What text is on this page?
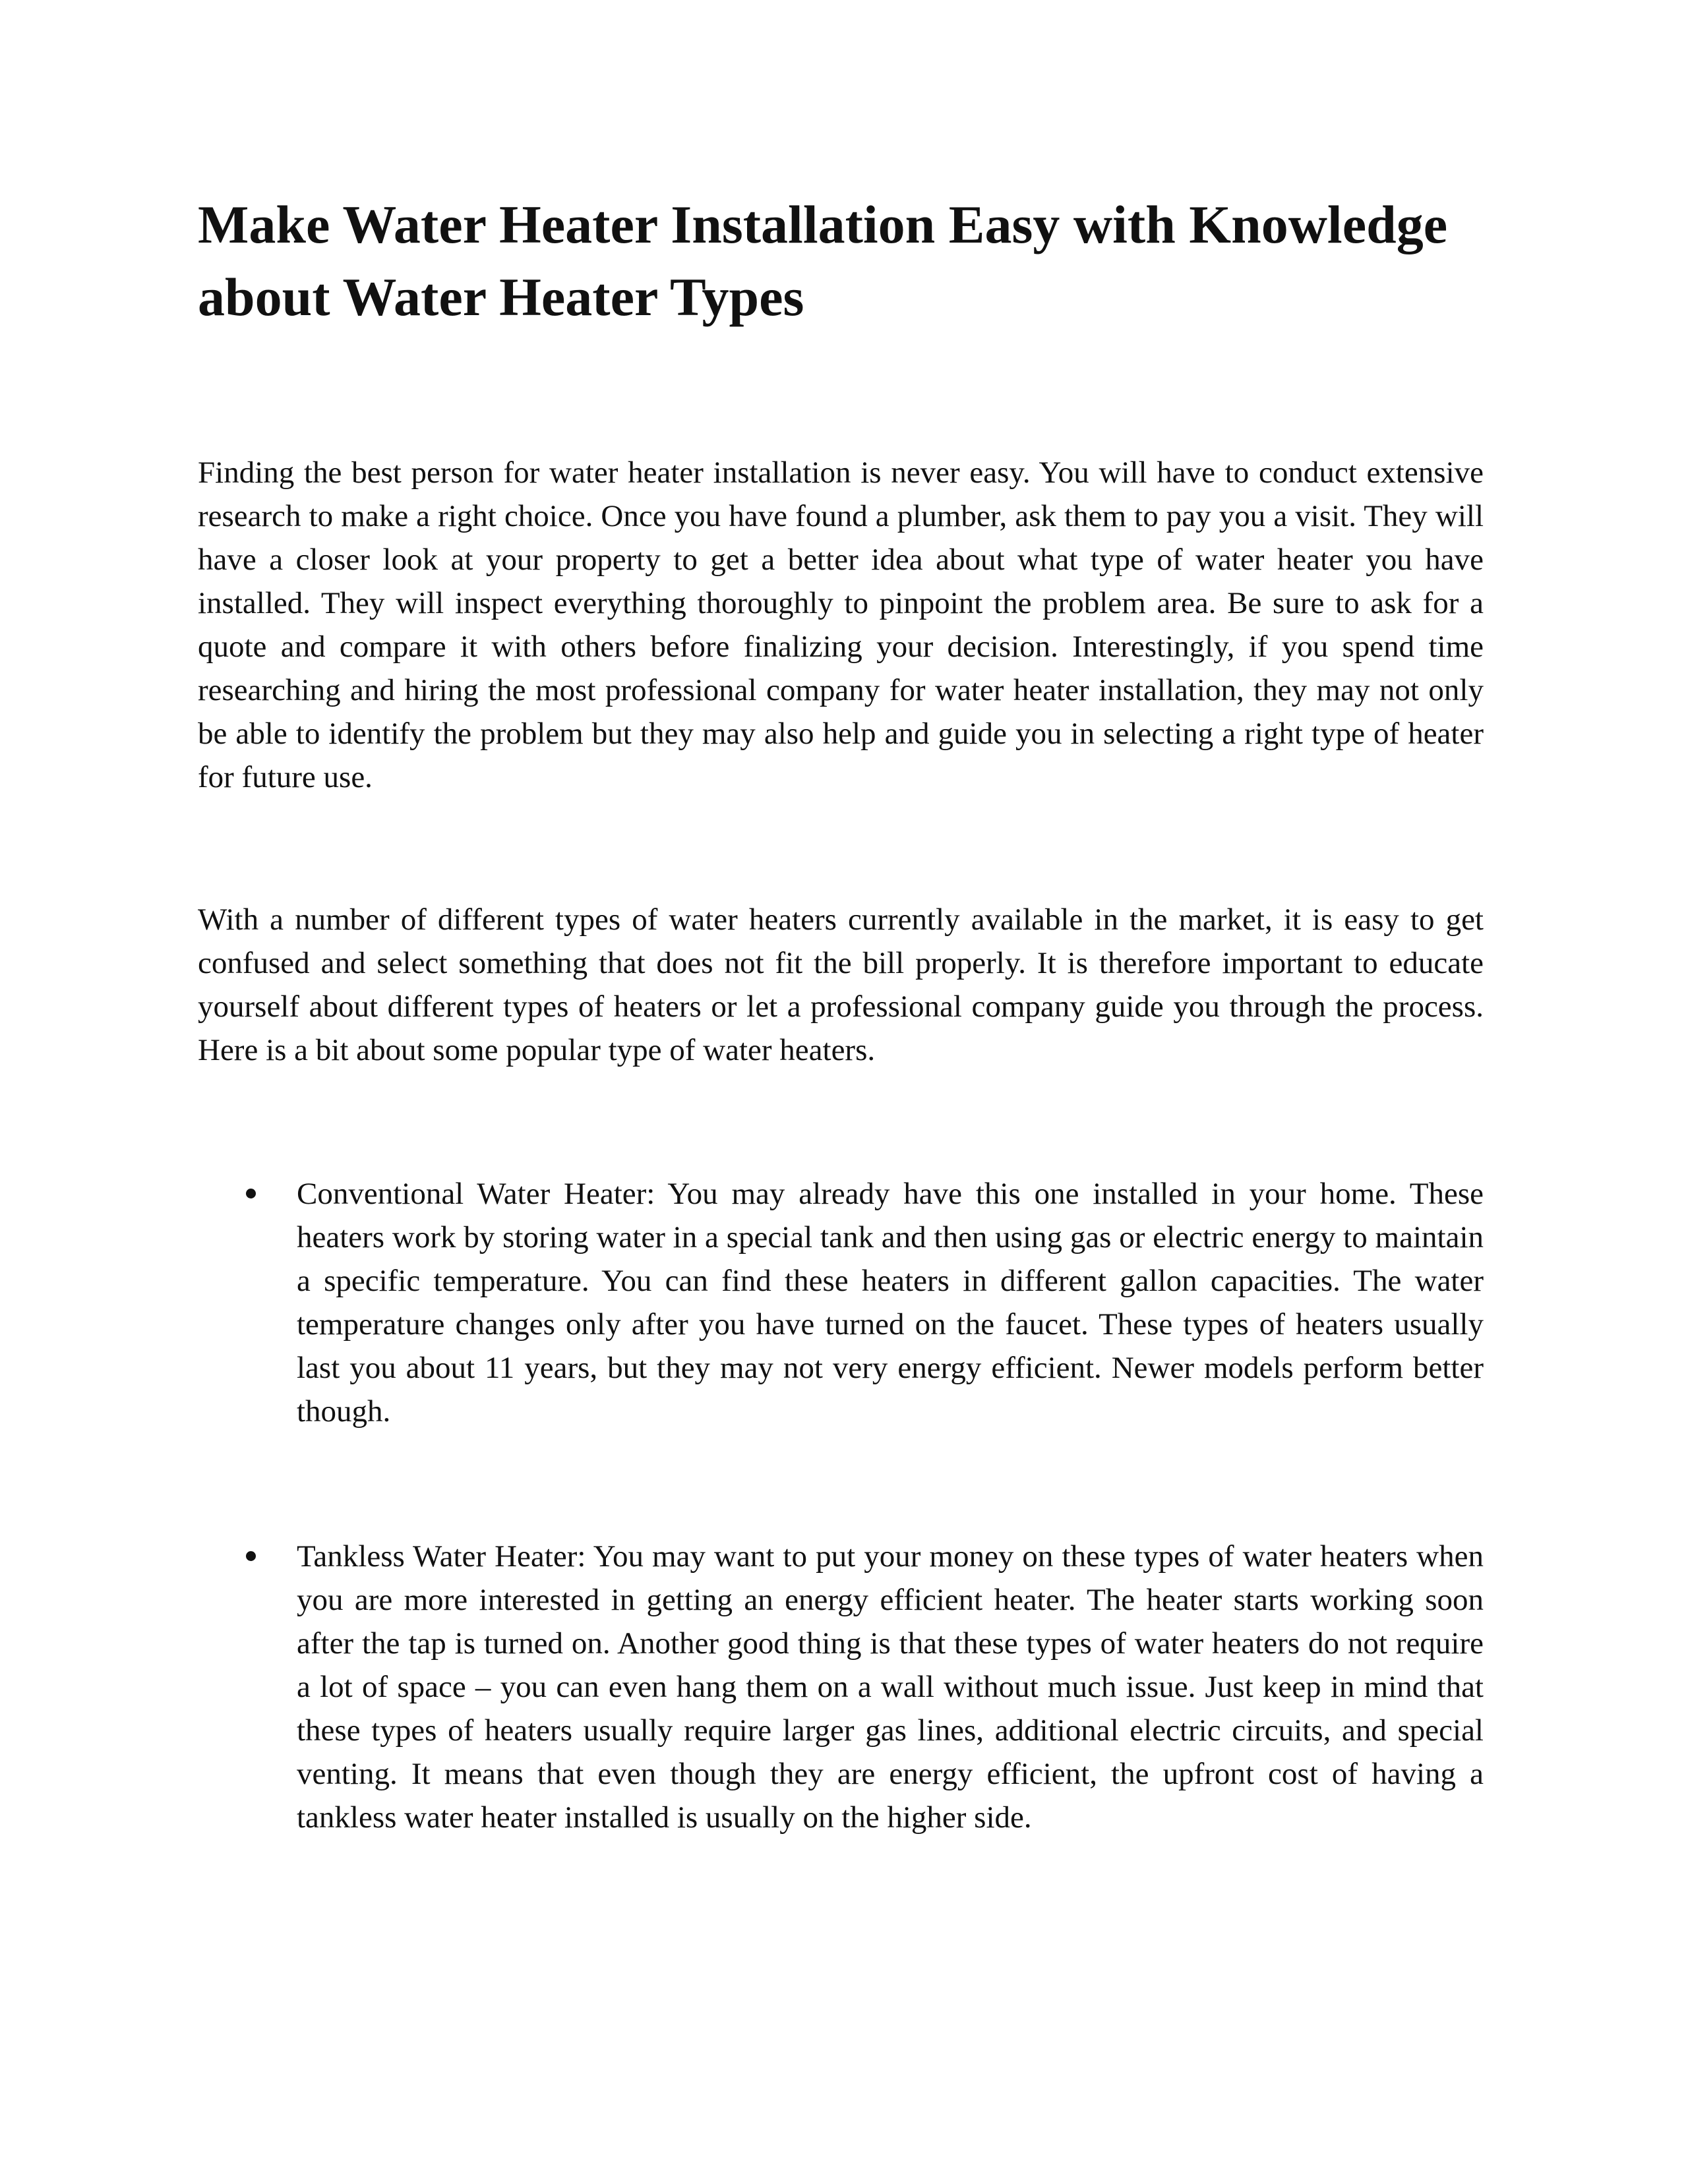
Make Water Heater Installation Easy with Knowledge about Water Heater Types

Finding the best person for water heater installation is never easy. You will have to conduct extensive research to make a right choice. Once you have found a plumber, ask them to pay you a visit. They will have a closer look at your property to get a better idea about what type of water heater you have installed. They will inspect everything thoroughly to pinpoint the problem area. Be sure to ask for a quote and compare it with others before finalizing your decision. Interestingly, if you spend time researching and hiring the most professional company for water heater installation, they may not only be able to identify the problem but they may also help and guide you in selecting a right type of heater for future use.

With a number of different types of water heaters currently available in the market, it is easy to get confused and select something that does not fit the bill properly. It is therefore important to educate yourself about different types of heaters or let a professional company guide you through the process. Here is a bit about some popular type of water heaters.

Conventional Water Heater: You may already have this one installed in your home. These heaters work by storing water in a special tank and then using gas or electric energy to maintain a specific temperature. You can find these heaters in different gallon capacities. The water temperature changes only after you have turned on the faucet. These types of heaters usually last you about 11 years, but they may not very energy efficient. Newer models perform better though.
Tankless Water Heater: You may want to put your money on these types of water heaters when you are more interested in getting an energy efficient heater. The heater starts working soon after the tap is turned on. Another good thing is that these types of water heaters do not require a lot of space – you can even hang them on a wall without much issue. Just keep in mind that these types of heaters usually require larger gas lines, additional electric circuits, and special venting. It means that even though they are energy efficient, the upfront cost of having a tankless water heater installed is usually on the higher side.
